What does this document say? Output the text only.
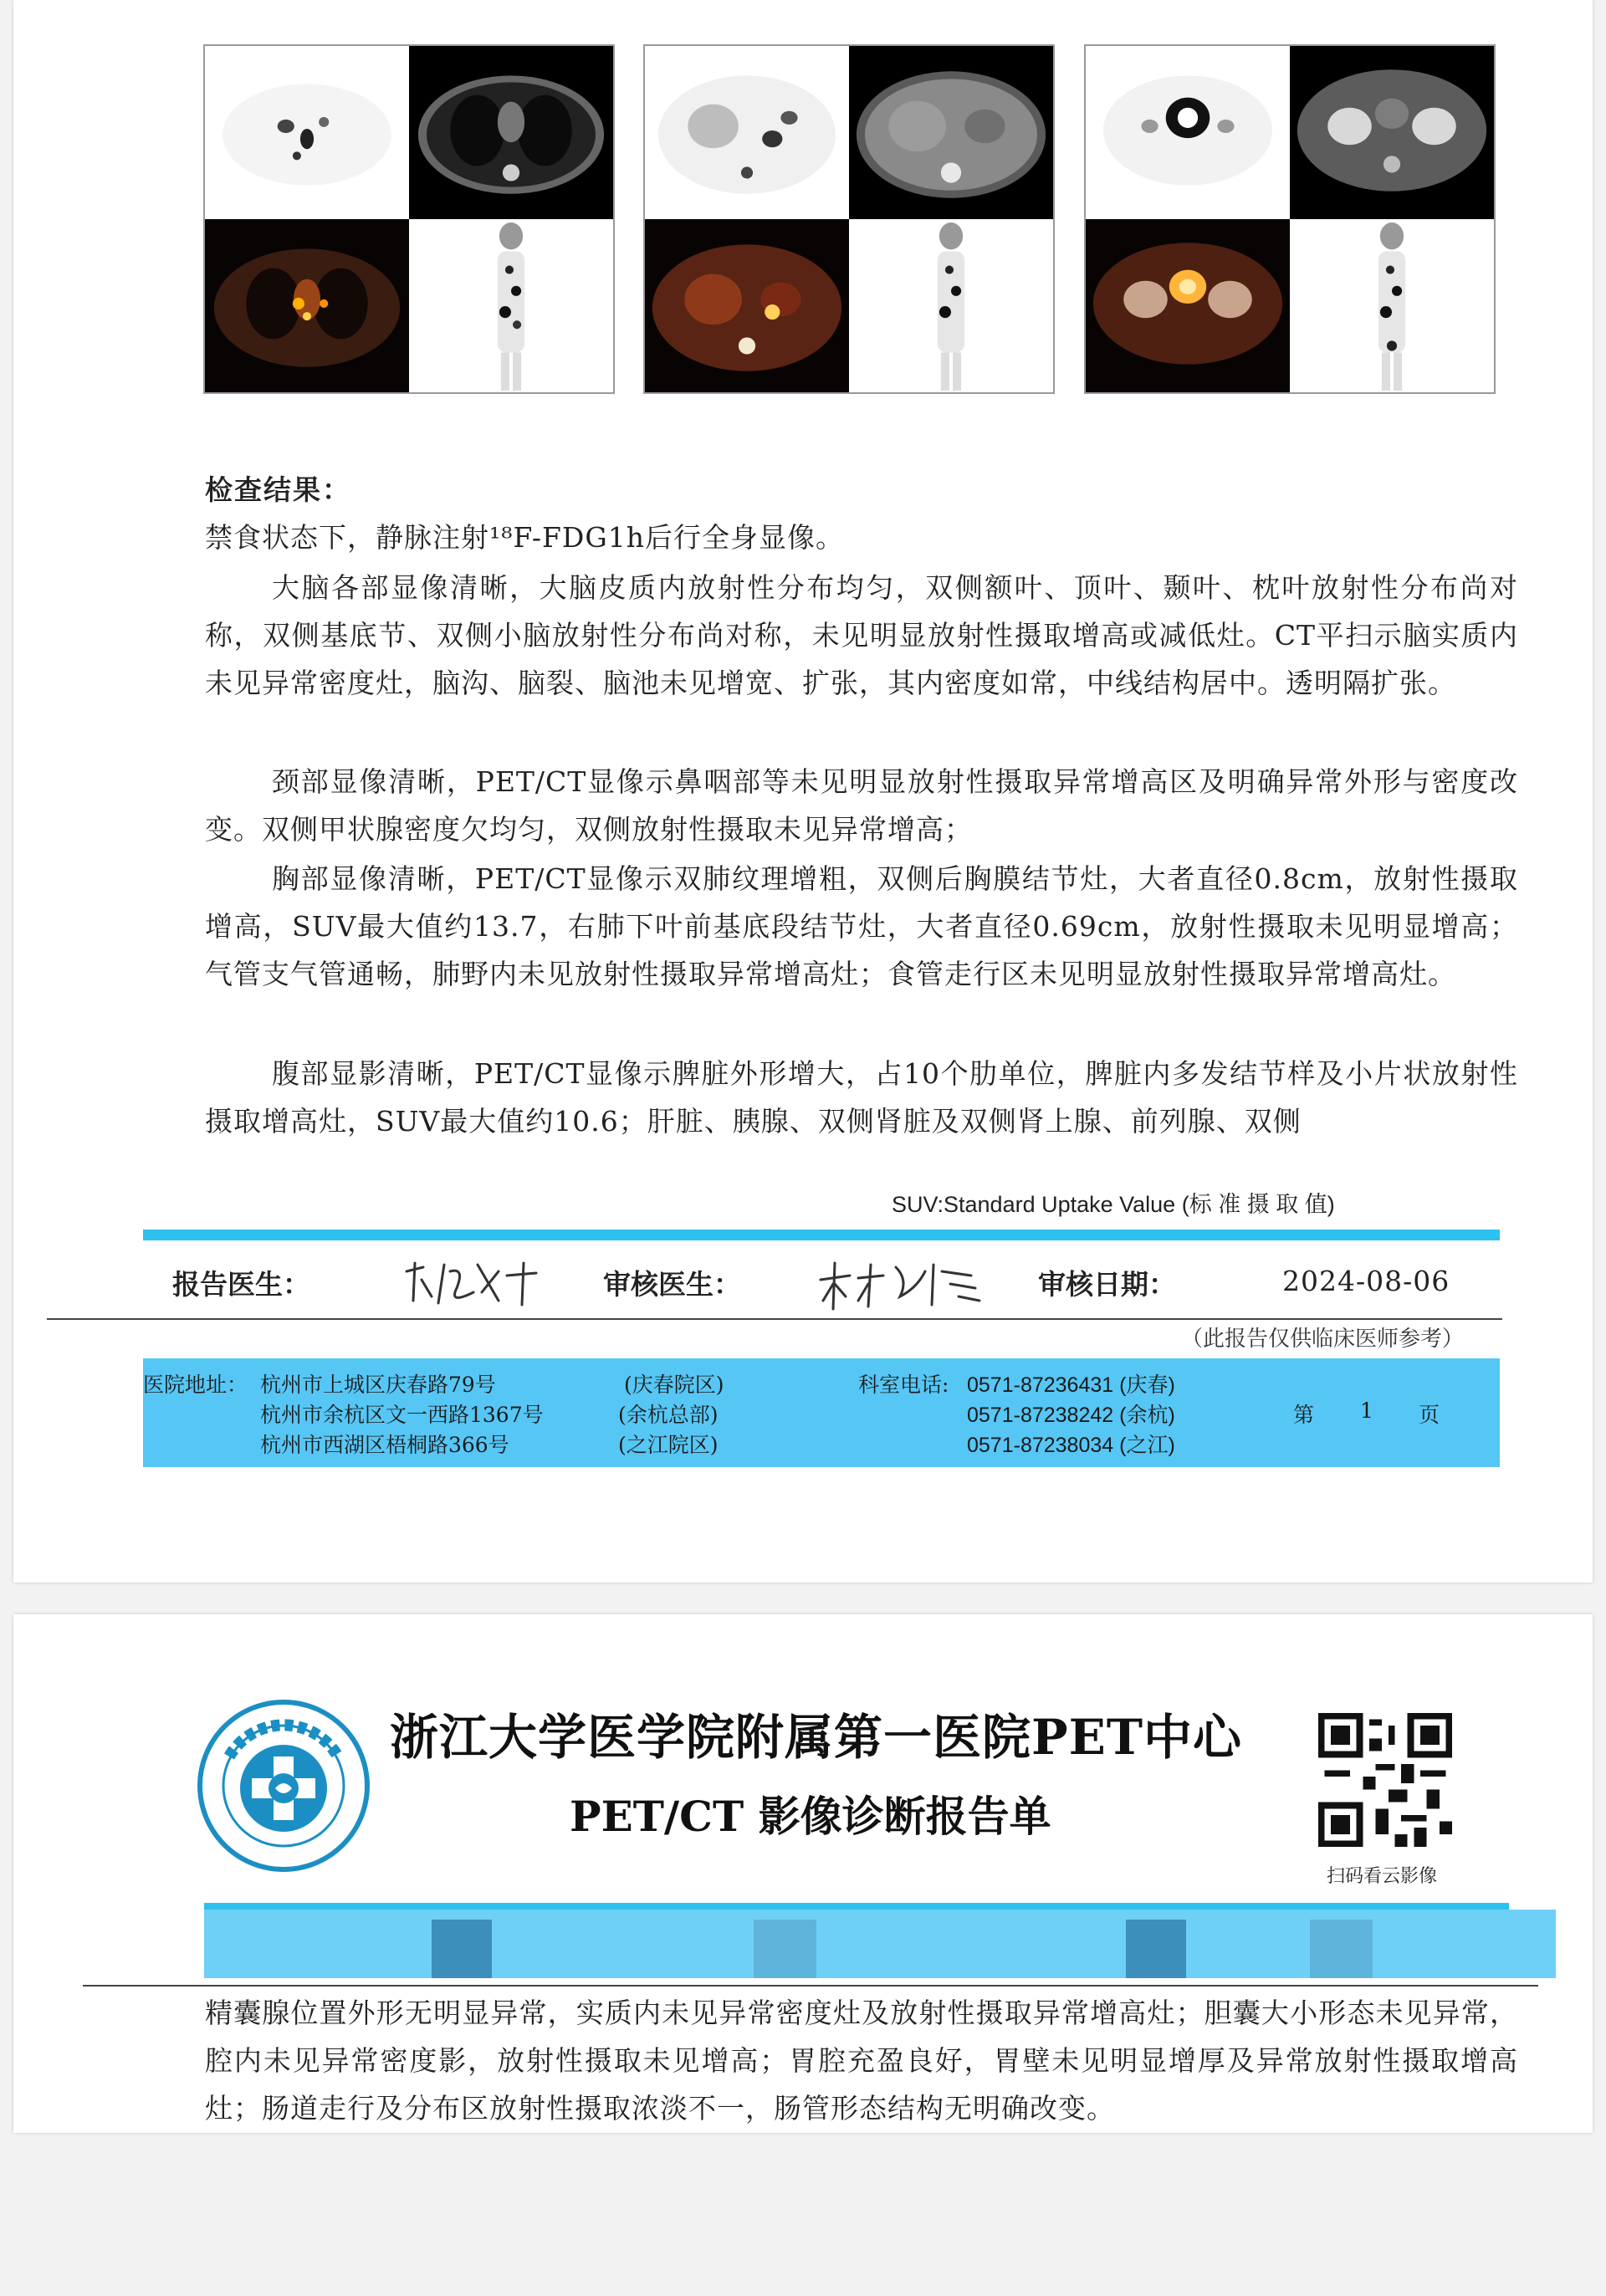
检查结果：

禁食状态下，静脉注射¹⁸F-FDG1h后行全身显像。

大脑各部显像清晰，大脑皮质内放射性分布均匀，双侧额叶、顶叶、颞叶、枕叶放射性分布尚对称，双侧基底节、双侧小脑放射性分布尚对称，未见明显放射性摄取增高或减低灶。CT平扫示脑实质内未见异常密度灶，脑沟、脑裂、脑池未见增宽、扩张，其内密度如常，中线结构居中。透明隔扩张。

颈部显像清晰，PET/CT显像示鼻咽部等未见明显放射性摄取异常增高区及明确异常外形与密度改变。双侧甲状腺密度欠均匀，双侧放射性摄取未见异常增高；

胸部显像清晰，PET/CT显像示双肺纹理增粗，双侧后胸膜结节灶，大者直径0.8cm，放射性摄取增高，SUV最大值约13.7，右肺下叶前基底段结节灶，大者直径0.69cm，放射性摄取未见明显增高；气管支气管通畅，肺野内未见放射性摄取异常增高灶；食管走行区未见明显放射性摄取异常增高灶。

腹部显影清晰，PET/CT显像示脾脏外形增大，占10个肋单位，脾脏内多发结节样及小片状放射性摄取增高灶，SUV最大值约10.6；肝脏、胰腺、双侧肾脏及双侧肾上腺、前列腺、双侧

SUV:Standard Uptake Value (标 准 摄 取 值)
报告医生：	审核医生：	审核日期：	2024-08-06
（此报告仅供临床医师参考）
医院地址： 杭州市上城区庆春路79号
杭州市余杭区文一西路1367号
杭州市西湖区梧桐路366号
(庆春院区)
(余杭总部)
(之江院区)
科室电话: 0571-87236431 (庆春)
0571-87238242 (余杭)
0571-87238034 (之江)
第 1 页
浙江大学医学院附属第一医院PET中心
PET/CT 影像诊断报告单
扫码看云影像

精囊腺位置外形无明显异常，实质内未见异常密度灶及放射性摄取异常增高灶；胆囊大小形态未见异常，腔内未见异常密度影，放射性摄取未见增高；胃腔充盈良好，胃壁未见明显增厚及异常放射性摄取增高灶；肠道走行及分布区放射性摄取浓淡不一，肠管形态结构无明确改变。
